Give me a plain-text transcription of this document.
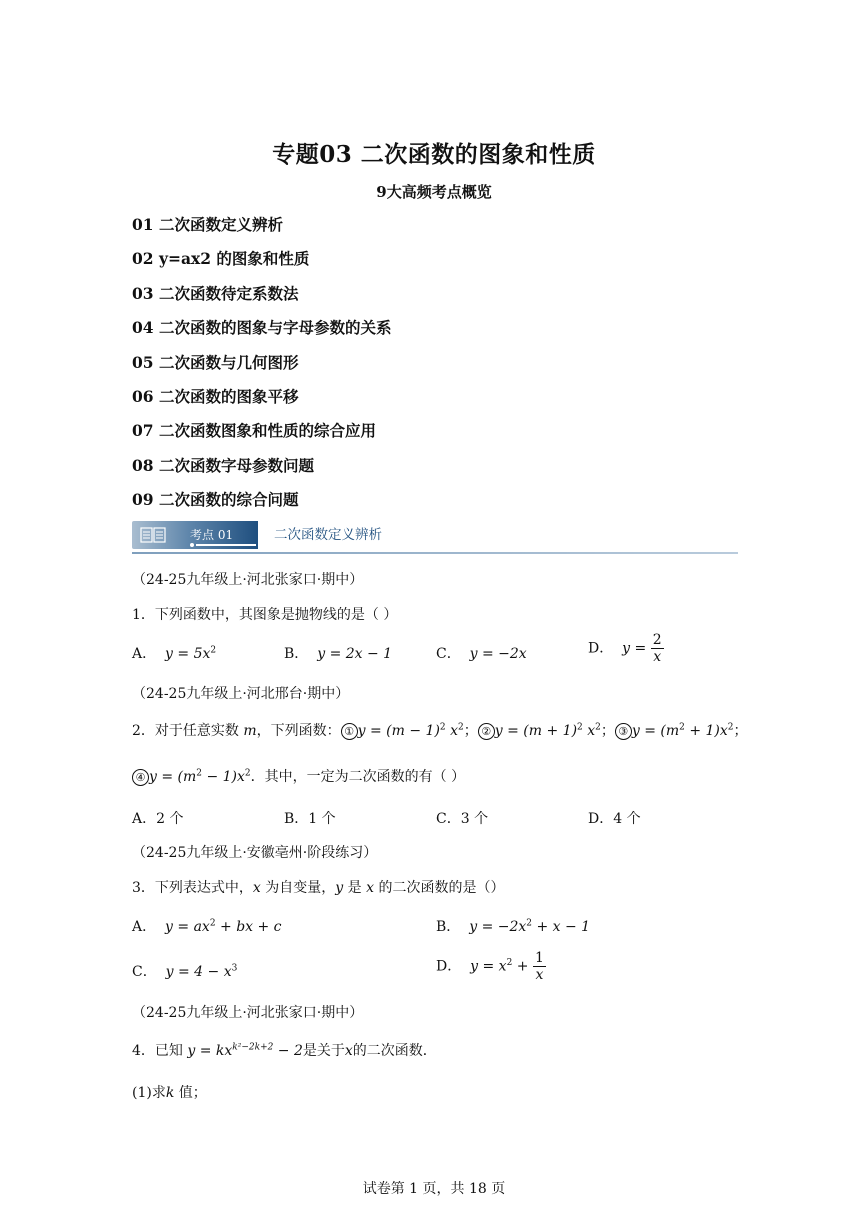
专题03 二次函数的图象和性质
9大高频考点概览
01 二次函数定义辨析
02 y=ax2 的图象和性质
03 二次函数待定系数法
04 二次函数的图象与字母参数的关系
05 二次函数与几何图形
06 二次函数的图象平移
07 二次函数图象和性质的综合应用
08 二次函数字母参数问题
09 二次函数的综合问题
考点 01	二次函数定义辨析
（24-25九年级上·河北张家口·期中）
1．下列函数中，其图象是抛物线的是（ ）
A． $y = 5x^2$	B． y = 2x − 1	C． y = −2x	D． $y = \frac{2}{x}$
（24-25九年级上·河北邢台·期中）
2．对于任意实数 m，下列函数： ① $y = (m - 1)^2$ $x^2$； ② $y = (m + 1)^2$ $x^2$； ③ $y = (m^2 + 1)x^2$；
④ $y = (m^2 - 1)x^2$．其中，一定为二次函数的有（ ）
A．2 个	B．1 个	C．3 个	D．4 个
（24-25九年级上·安徽亳州·阶段练习）
3．下列表达式中，x 为自变量，y 是 x 的二次函数的是（）
A． $y = ax^2$ + bx + c	B． $y = -2x^2 + x - 1$
C． $y = 4 - x^3$	D． $y = x^2 + \frac{1}{x}$
（24-25九年级上·河北张家口·期中）
4．已知 $y = kx^{k^2-2k+2} - 2$是关于x的二次函数．
(1)求k 值；
试卷第 1 页，共 18 页
